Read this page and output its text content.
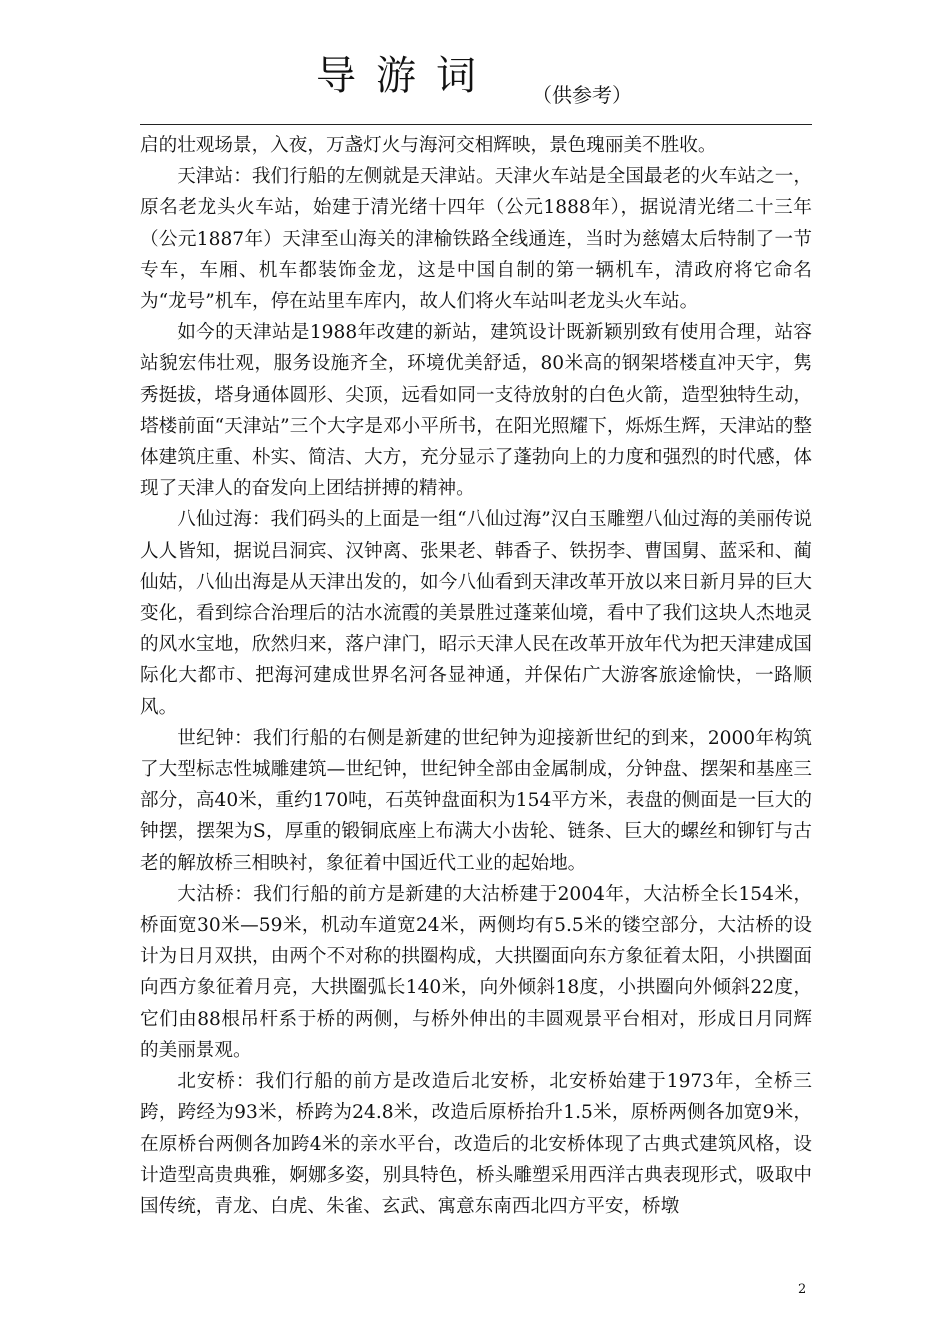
导游词 （供参考）

启的壮观场景，入夜，万盏灯火与海河交相辉映，景色瑰丽美不胜收。

天津站：我们行船的左侧就是天津站。天津火车站是全国最老的火车站之一，原名老龙头火车站，始建于清光绪十四年（公元1888年），据说清光绪二十三年（公元1887年）天津至山海关的津榆铁路全线通连，当时为慈嬉太后特制了一节专车，车厢、机车都装饰金龙，这是中国自制的第一辆机车，清政府将它命名为“龙号”机车，停在站里车库内，故人们将火车站叫老龙头火车站。

如今的天津站是1988年改建的新站，建筑设计既新颖别致有使用合理，站容站貌宏伟壮观，服务设施齐全，环境优美舒适，80米高的钢架塔楼直冲天宇，隽秀挺拔，塔身通体圆形、尖顶，远看如同一支待放射的白色火箭，造型独特生动，塔楼前面“天津站”三个大字是邓小平所书，在阳光照耀下，烁烁生辉，天津站的整体建筑庄重、朴实、简洁、大方，充分显示了蓬勃向上的力度和强烈的时代感，体现了天津人的奋发向上团结拼搏的精神。

八仙过海：我们码头的上面是一组“八仙过海”汉白玉雕塑八仙过海的美丽传说人人皆知，据说吕洞宾、汉钟离、张果老、韩香子、铁拐李、曹国舅、蓝采和、蔺仙姑，八仙出海是从天津出发的，如今八仙看到天津改革开放以来日新月异的巨大变化，看到综合治理后的沽水流霞的美景胜过蓬莱仙境，看中了我们这块人杰地灵的风水宝地，欣然归来，落户津门，昭示天津人民在改革开放年代为把天津建成国际化大都市、把海河建成世界名河各显神通，并保佑广大游客旅途愉快，一路顺风。

世纪钟：我们行船的右侧是新建的世纪钟为迎接新世纪的到来，2000年构筑了大型标志性城雕建筑—世纪钟，世纪钟全部由金属制成，分钟盘、摆架和基座三部分，高40米，重约170吨，石英钟盘面积为154平方米，表盘的侧面是一巨大的钟摆，摆架为S，厚重的锻铜底座上布满大小齿轮、链条、巨大的螺丝和铆钉与古老的解放桥三相映衬，象征着中国近代工业的起始地。

大沽桥：我们行船的前方是新建的大沽桥建于2004年，大沽桥全长154米，桥面宽30米—59米，机动车道宽24米，两侧均有5.5米的镂空部分，大沽桥的设计为日月双拱，由两个不对称的拱圈构成，大拱圈面向东方象征着太阳，小拱圈面向西方象征着月亮，大拱圈弧长140米，向外倾斜18度，小拱圈向外倾斜22度，它们由88根吊杆系于桥的两侧，与桥外伸出的丰圆观景平台相对，形成日月同辉的美丽景观。

北安桥：我们行船的前方是改造后北安桥，北安桥始建于1973年，全桥三跨，跨经为93米，桥跨为24.8米，改造后原桥抬升1.5米，原桥两侧各加宽9米，在原桥台两侧各加跨4米的亲水平台，改造后的北安桥体现了古典式建筑风格，设计造型高贵典雅，婀娜多姿，别具特色，桥头雕塑采用西洋古典表现形式，吸取中国传统，青龙、白虎、朱雀、玄武、寓意东南西北四方平安，桥墩

2
